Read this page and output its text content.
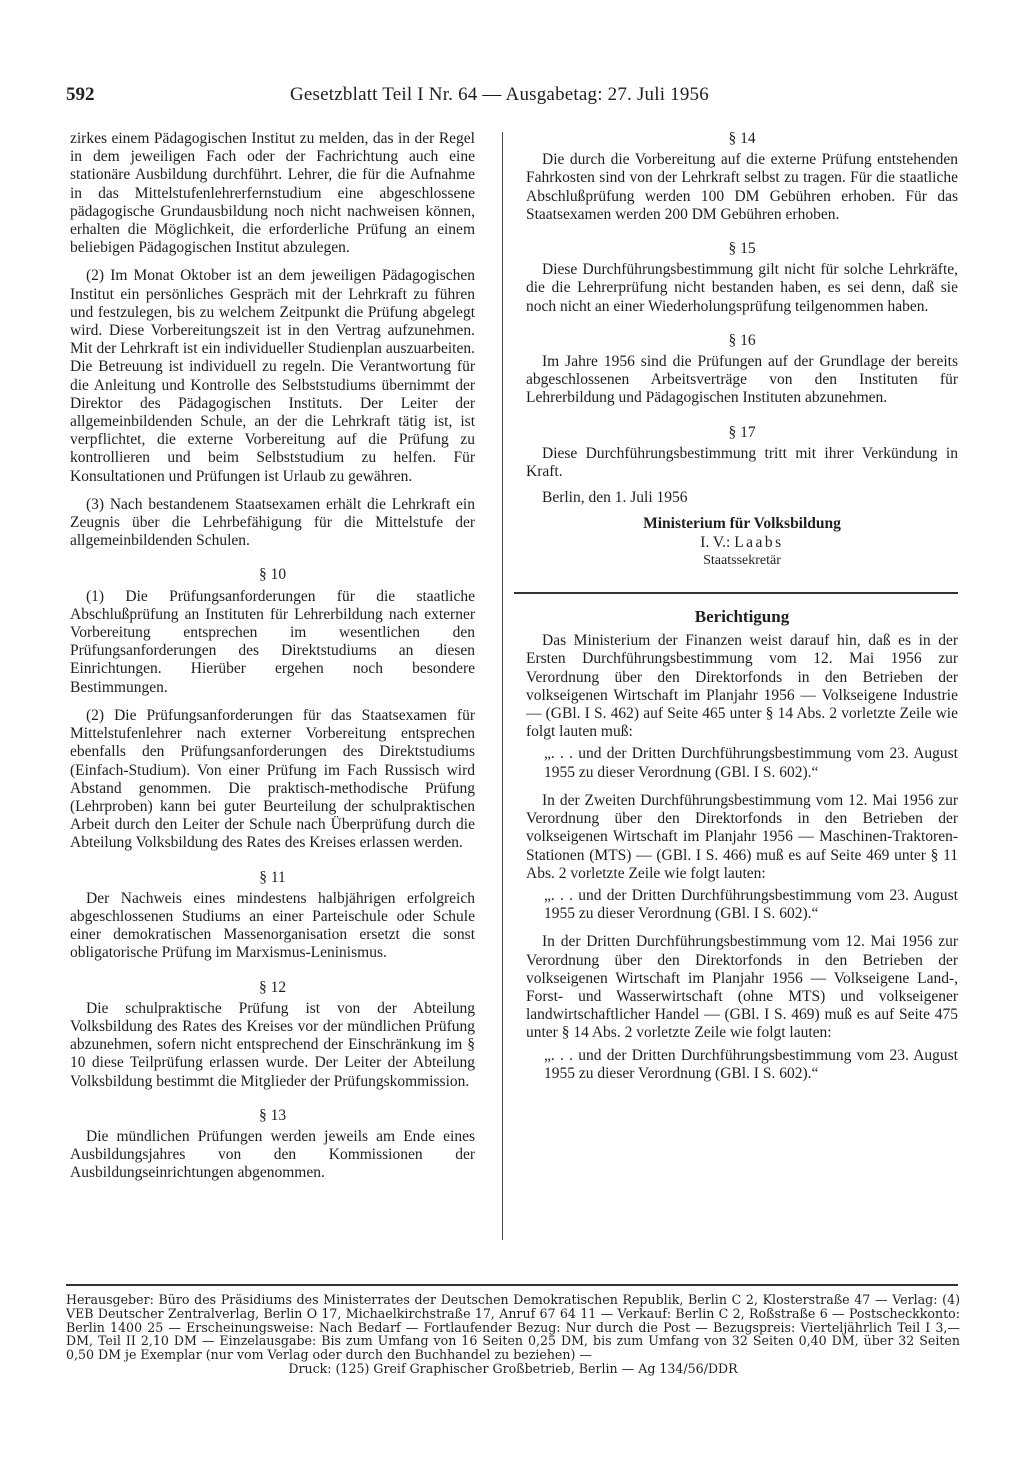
592	Gesetzblatt Teil I Nr. 64 — Ausgabetag: 27. Juli 1956

zirkes einem Pädagogischen Institut zu melden, das in der Regel in dem jeweiligen Fach oder der Fachrichtung auch eine stationäre Ausbildung durchführt. Lehrer, die für die Aufnahme in das Mittelstufenlehrerfernstudium eine abgeschlossene pädagogische Grundausbildung noch nicht nachweisen können, erhalten die Möglichkeit, die erforderliche Prüfung an einem beliebigen Pädagogischen Institut abzulegen.

(2) Im Monat Oktober ist an dem jeweiligen Pädagogischen Institut ein persönliches Gespräch mit der Lehrkraft zu führen und festzulegen, bis zu welchem Zeitpunkt die Prüfung abgelegt wird. Diese Vorbereitungszeit ist in den Vertrag aufzunehmen. Mit der Lehrkraft ist ein individueller Studienplan auszuarbeiten. Die Betreuung ist individuell zu regeln. Die Verantwortung für die Anleitung und Kontrolle des Selbststudiums übernimmt der Direktor des Pädagogischen Instituts. Der Leiter der allgemeinbildenden Schule, an der die Lehrkraft tätig ist, ist verpflichtet, die externe Vorbereitung auf die Prüfung zu kontrollieren und beim Selbststudium zu helfen. Für Konsultationen und Prüfungen ist Urlaub zu gewähren.

(3) Nach bestandenem Staatsexamen erhält die Lehrkraft ein Zeugnis über die Lehrbefähigung für die Mittelstufe der allgemeinbildenden Schulen.

§ 10

(1) Die Prüfungsanforderungen für die staatliche Abschlußprüfung an Instituten für Lehrerbildung nach externer Vorbereitung entsprechen im wesentlichen den Prüfungsanforderungen des Direktstudiums an diesen Einrichtungen. Hierüber ergehen noch besondere Bestimmungen.

(2) Die Prüfungsanforderungen für das Staatsexamen für Mittelstufenlehrer nach externer Vorbereitung entsprechen ebenfalls den Prüfungsanforderungen des Direktstudiums (Einfach-Studium). Von einer Prüfung im Fach Russisch wird Abstand genommen. Die praktisch-methodische Prüfung (Lehrproben) kann bei guter Beurteilung der schulpraktischen Arbeit durch den Leiter der Schule nach Überprüfung durch die Abteilung Volksbildung des Rates des Kreises erlassen werden.

§ 11

Der Nachweis eines mindestens halbjährigen erfolgreich abgeschlossenen Studiums an einer Parteischule oder Schule einer demokratischen Massenorganisation ersetzt die sonst obligatorische Prüfung im Marxismus-Leninismus.

§ 12

Die schulpraktische Prüfung ist von der Abteilung Volksbildung des Rates des Kreises vor der mündlichen Prüfung abzunehmen, sofern nicht entsprechend der Einschränkung im § 10 diese Teilprüfung erlassen wurde. Der Leiter der Abteilung Volksbildung bestimmt die Mitglieder der Prüfungskommission.

§ 13

Die mündlichen Prüfungen werden jeweils am Ende eines Ausbildungsjahres von den Kommissionen der Ausbildungseinrichtungen abgenommen.

§ 14

Die durch die Vorbereitung auf die externe Prüfung entstehenden Fahrkosten sind von der Lehrkraft selbst zu tragen. Für die staatliche Abschlußprüfung werden 100 DM Gebühren erhoben. Für das Staatsexamen werden 200 DM Gebühren erhoben.

§ 15

Diese Durchführungsbestimmung gilt nicht für solche Lehrkräfte, die die Lehrerprüfung nicht bestanden haben, es sei denn, daß sie noch nicht an einer Wiederholungsprüfung teilgenommen haben.

§ 16

Im Jahre 1956 sind die Prüfungen auf der Grundlage der bereits abgeschlossenen Arbeitsverträge von den Instituten für Lehrerbildung und Pädagogischen Instituten abzunehmen.

§ 17

Diese Durchführungsbestimmung tritt mit ihrer Verkündung in Kraft.

Berlin, den 1. Juli 1956

Ministerium für Volksbildung
I. V.: Laabs
Staatssekretär
Berichtigung

Das Ministerium der Finanzen weist darauf hin, daß es in der Ersten Durchführungsbestimmung vom 12. Mai 1956 zur Verordnung über den Direktorfonds in den Betrieben der volkseigenen Wirtschaft im Planjahr 1956 — Volkseigene Industrie — (GBl. I S. 462) auf Seite 465 unter § 14 Abs. 2 vorletzte Zeile wie folgt lauten muß:

„. . . und der Dritten Durchführungsbestimmung vom 23. August 1955 zu dieser Verordnung (GBl. I S. 602).“

In der Zweiten Durchführungsbestimmung vom 12. Mai 1956 zur Verordnung über den Direktorfonds in den Betrieben der volkseigenen Wirtschaft im Planjahr 1956 — Maschinen-Traktoren-Stationen (MTS) — (GBl. I S. 466) muß es auf Seite 469 unter § 11 Abs. 2 vorletzte Zeile wie folgt lauten:

„. . . und der Dritten Durchführungsbestimmung vom 23. August 1955 zu dieser Verordnung (GBl. I S. 602).“

In der Dritten Durchführungsbestimmung vom 12. Mai 1956 zur Verordnung über den Direktorfonds in den Betrieben der volkseigenen Wirtschaft im Planjahr 1956 — Volkseigene Land-, Forst- und Wasserwirtschaft (ohne MTS) und volkseigener landwirtschaftlicher Handel — (GBl. I S. 469) muß es auf Seite 475 unter § 14 Abs. 2 vorletzte Zeile wie folgt lauten:

„. . . und der Dritten Durchführungsbestimmung vom 23. August 1955 zu dieser Verordnung (GBl. I S. 602).“

Herausgeber: Büro des Präsidiums des Ministerrates der Deutschen Demokratischen Republik, Berlin C 2, Klosterstraße 47 — Verlag: (4) VEB Deutscher Zentralverlag, Berlin O 17, Michaelkirchstraße 17, Anruf 67 64 11 — Verkauf: Berlin C 2, Roßstraße 6 — Postscheckkonto: Berlin 1400 25 — Erscheinungsweise: Nach Bedarf — Fortlaufender Bezug: Nur durch die Post — Bezugspreis: Vierteljährlich Teil I 3,— DM, Teil II 2,10 DM — Einzelausgabe: Bis zum Umfang von 16 Seiten 0,25 DM, bis zum Umfang von 32 Seiten 0,40 DM, über 32 Seiten 0,50 DM je Exemplar (nur vom Verlag oder durch den Buchhandel zu beziehen) —

Druck: (125) Greif Graphischer Großbetrieb, Berlin — Ag 134/56/DDR
